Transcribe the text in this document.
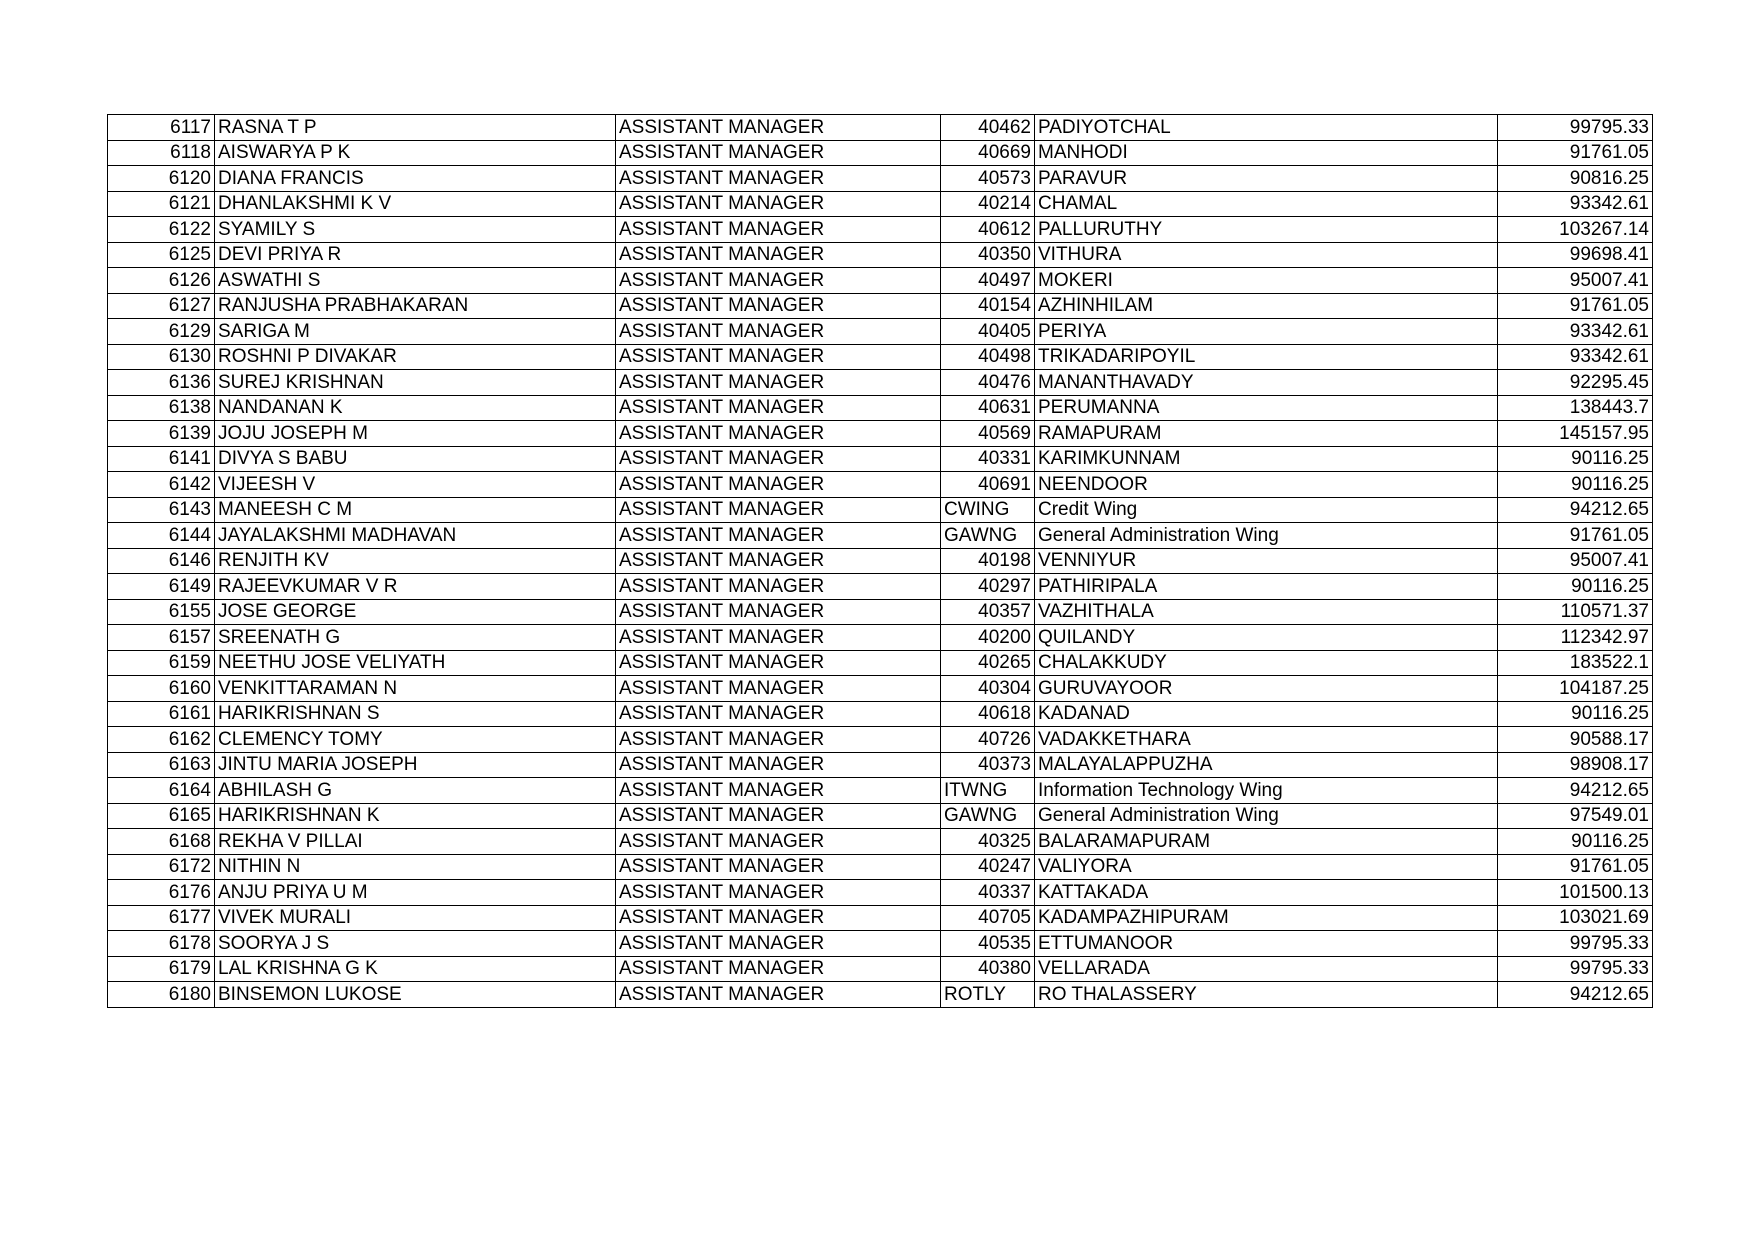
6117	RASNA T P	ASSISTANT MANAGER	40462	PADIYOTCHAL	99795.33
6118	AISWARYA P K	ASSISTANT MANAGER	40669	MANHODI	91761.05
6120	DIANA FRANCIS	ASSISTANT MANAGER	40573	PARAVUR	90816.25
6121	DHANLAKSHMI K V	ASSISTANT MANAGER	40214	CHAMAL	93342.61
6122	SYAMILY S	ASSISTANT MANAGER	40612	PALLURUTHY	103267.14
6125	DEVI PRIYA R	ASSISTANT MANAGER	40350	VITHURA	99698.41
6126	ASWATHI S	ASSISTANT MANAGER	40497	MOKERI	95007.41
6127	RANJUSHA PRABHAKARAN	ASSISTANT MANAGER	40154	AZHINHILAM	91761.05
6129	SARIGA M	ASSISTANT MANAGER	40405	PERIYA	93342.61
6130	ROSHNI P DIVAKAR	ASSISTANT MANAGER	40498	TRIKADARIPOYIL	93342.61
6136	SUREJ KRISHNAN	ASSISTANT MANAGER	40476	MANANTHAVADY	92295.45
6138	NANDANAN K	ASSISTANT MANAGER	40631	PERUMANNA	138443.7
6139	JOJU JOSEPH M	ASSISTANT MANAGER	40569	RAMAPURAM	145157.95
6141	DIVYA S BABU	ASSISTANT MANAGER	40331	KARIMKUNNAM	90116.25
6142	VIJEESH V	ASSISTANT MANAGER	40691	NEENDOOR	90116.25
6143	MANEESH C M	ASSISTANT MANAGER	CWING	Credit Wing	94212.65
6144	JAYALAKSHMI MADHAVAN	ASSISTANT MANAGER	GAWNG	General Administration Wing	91761.05
6146	RENJITH KV	ASSISTANT MANAGER	40198	VENNIYUR	95007.41
6149	RAJEEVKUMAR V R	ASSISTANT MANAGER	40297	PATHIRIPALA	90116.25
6155	JOSE GEORGE	ASSISTANT MANAGER	40357	VAZHITHALA	110571.37
6157	SREENATH G	ASSISTANT MANAGER	40200	QUILANDY	112342.97
6159	NEETHU JOSE VELIYATH	ASSISTANT MANAGER	40265	CHALAKKUDY	183522.1
6160	VENKITTARAMAN N	ASSISTANT MANAGER	40304	GURUVAYOOR	104187.25
6161	HARIKRISHNAN S	ASSISTANT MANAGER	40618	KADANAD	90116.25
6162	CLEMENCY TOMY	ASSISTANT MANAGER	40726	VADAKKETHARA	90588.17
6163	JINTU MARIA JOSEPH	ASSISTANT MANAGER	40373	MALAYALAPPUZHA	98908.17
6164	ABHILASH G	ASSISTANT MANAGER	ITWNG	Information Technology Wing	94212.65
6165	HARIKRISHNAN K	ASSISTANT MANAGER	GAWNG	General Administration Wing	97549.01
6168	REKHA V PILLAI	ASSISTANT MANAGER	40325	BALARAMAPURAM	90116.25
6172	NITHIN N	ASSISTANT MANAGER	40247	VALIYORA	91761.05
6176	ANJU PRIYA U M	ASSISTANT MANAGER	40337	KATTAKADA	101500.13
6177	VIVEK MURALI	ASSISTANT MANAGER	40705	KADAMPAZHIPURAM	103021.69
6178	SOORYA J S	ASSISTANT MANAGER	40535	ETTUMANOOR	99795.33
6179	LAL KRISHNA G K	ASSISTANT MANAGER	40380	VELLARADA	99795.33
6180	BINSEMON LUKOSE	ASSISTANT MANAGER	ROTLY	RO THALASSERY	94212.65
